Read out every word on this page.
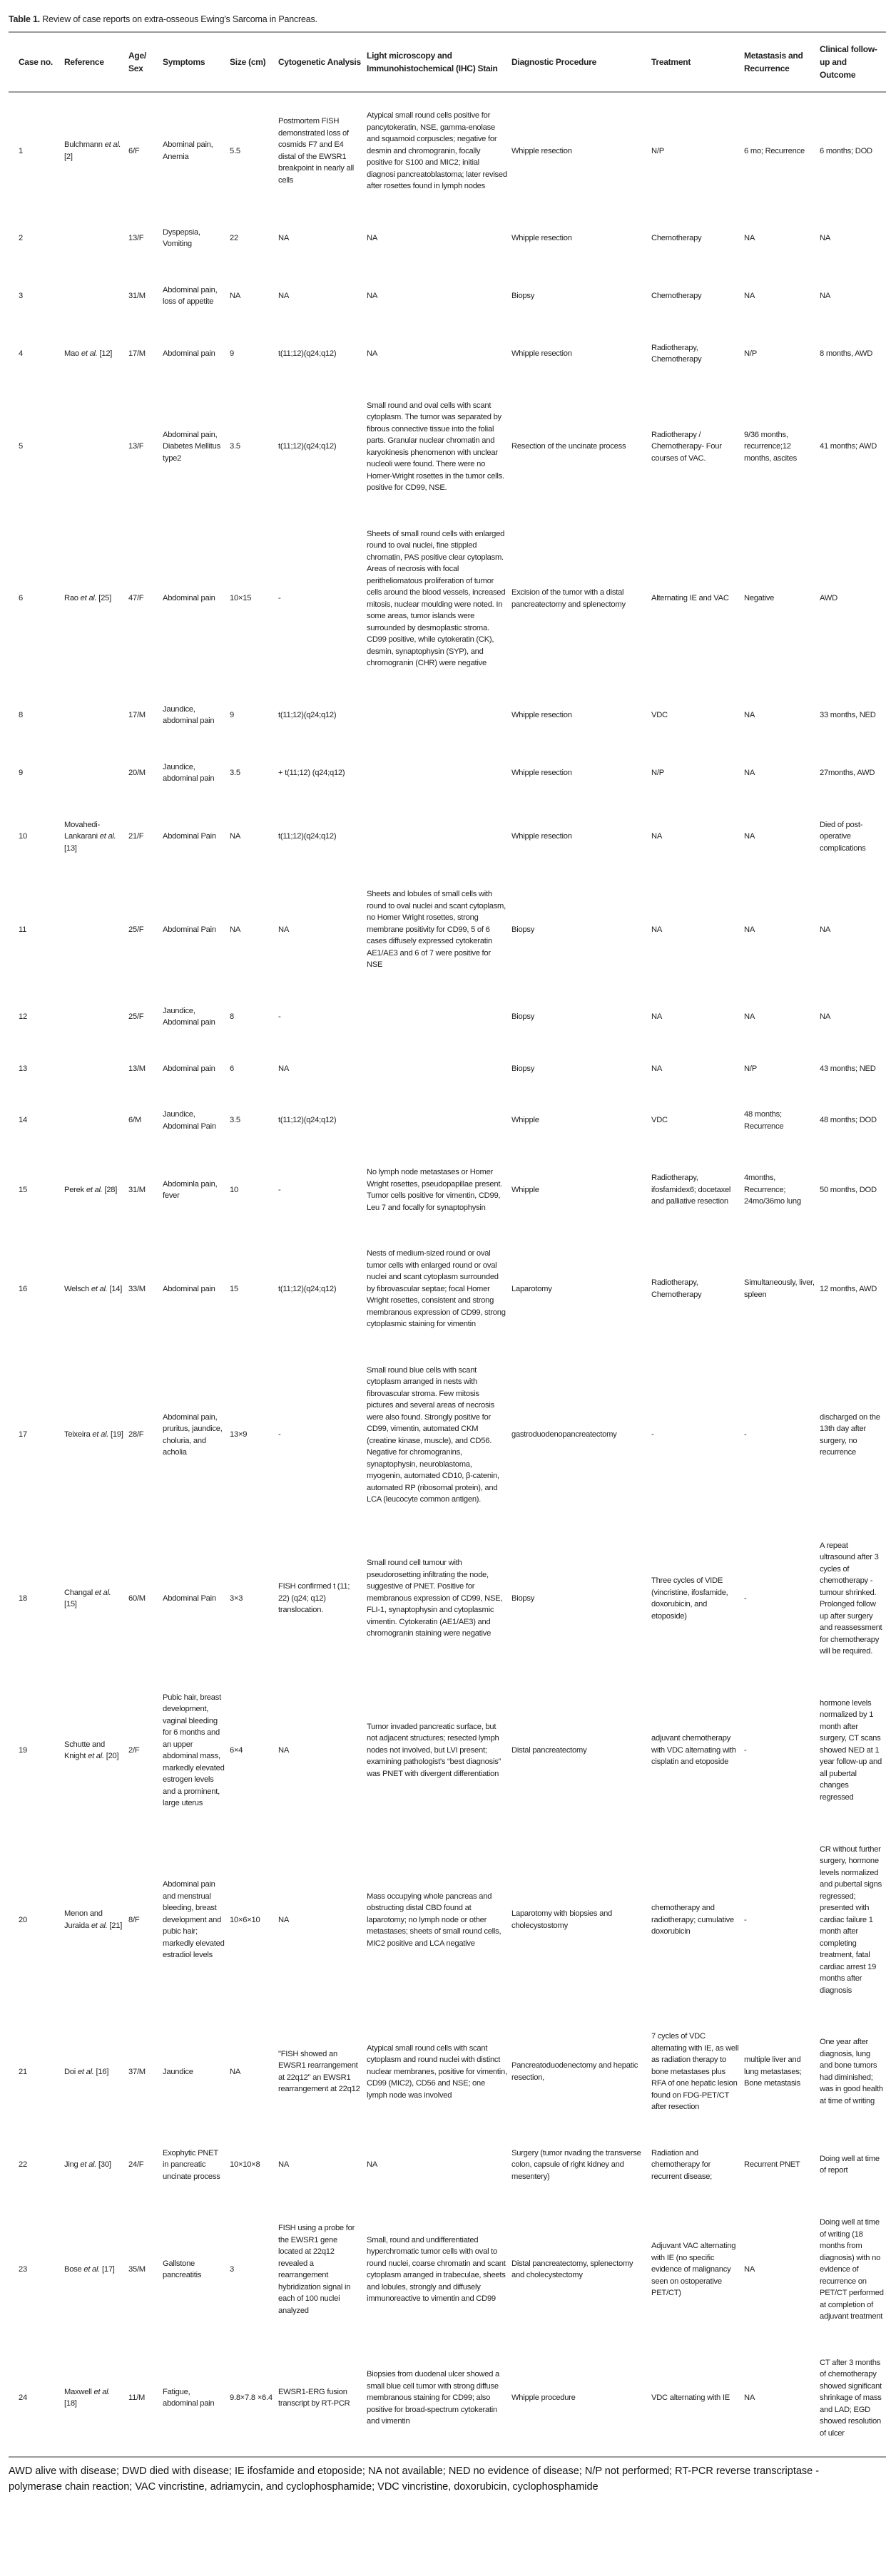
Table 1. Review of case reports on extra-osseous Ewing's Sarcoma in Pancreas.
Case no.	Reference	Age/ Sex	Symptoms	Size (cm)	Cytogenetic Analysis	Light microscopy and Immunohistochemical (IHC) Stain	Diagnostic Procedure	Treatment	Metastasis and Recurrence	Clinical follow-up and Outcome
1	Bulchmann et al. [2]	6/F	Abominal pain, Anemia	5.5	Postmortem FISH demonstrated loss of cosmids F7 and E4 distal of the EWSR1 breakpoint in nearly all cells	Atypical small round cells positive for pancytokeratin, NSE, gamma-enolase and squamoid corpuscles; negative for desmin and chromogranin, focally positive for S100 and MIC2; initial diagnosi pancreatoblastoma; later revised after rosettes found in lymph nodes	Whipple resection	N/P	6 mo; Recurrence	6 months; DOD
2		13/F	Dyspepsia, Vomiting	22	NA	NA	Whipple resection	Chemotherapy	NA	NA
3		31/M	Abdominal pain, loss of appetite	NA	NA	NA	Biopsy	Chemotherapy	NA	NA
4	Mao et al. [12]	17/M	Abdominal pain	9	t(11;12)(q24;q12)	NA	Whipple resection	Radiotherapy, Chemotherapy	N/P	8 months, AWD
5		13/F	Abdominal pain, Diabetes Mellitus type2	3.5	t(11;12)(q24;q12)	Small round and oval cells with scant cytoplasm. The tumor was separated by fibrous connective tissue into the folial parts. Granular nuclear chromatin and karyokinesis phenomenon with unclear nucleoli were found. There were no Homer-Wright rosettes in the tumor cells. positive for CD99, NSE.	Resection of the uncinate process	Radiotherapy / Chemotherapy- Four courses of VAC.	9/36 months, recurrence;12 months, ascites	41 months; AWD
6	Rao et al. [25]	47/F	Abdominal pain	10×15	-	Sheets of small round cells with enlarged round to oval nuclei, fine stippled chromatin, PAS positive clear cytoplasm. Areas of necrosis with focal peritheliomatous proliferation of tumor cells around the blood vessels, increased mitosis, nuclear moulding were noted. In some areas, tumor islands were surrounded by desmoplastic stroma. CD99 positive, while cytokeratin (CK), desmin, synaptophysin (SYP), and chromogranin (CHR) were negative	Excision of the tumor with a distal pancreatectomy and splenectomy	Alternating IE and VAC	Negative	AWD
8		17/M	Jaundice, abdominal pain	9	t(11;12)(q24;q12)		Whipple resection	VDC	NA	33 months, NED
9		20/M	Jaundice, abdominal pain	3.5	+ t(11;12) (q24;q12)		Whipple resection	N/P	NA	27months, AWD
10	Movahedi-Lankarani et al. [13]	21/F	Abdominal Pain	NA	t(11;12)(q24;q12)		Whipple resection	NA	NA	Died of post-operative complications
11		25/F	Abdominal Pain	NA	NA	Sheets and lobules of small cells with round to oval nuclei and scant cytoplasm, no Homer Wright rosettes, strong membrane positivity for CD99, 5 of 6 cases diffusely expressed cytokeratin AE1/AE3 and 6 of 7 were positive for NSE	Biopsy	NA	NA	NA
12		25/F	Jaundice, Abdominal pain	8	-		Biopsy	NA	NA	NA
13		13/M	Abdominal pain	6	NA		Biopsy	NA	N/P	43 months; NED
14		6/M	Jaundice, Abdominal Pain	3.5	t(11;12)(q24;q12)		Whipple	VDC	48 months; Recurrence	48 months; DOD
15	Perek et al. [28]	31/M	Abdominla pain, fever	10	-	No lymph node metastases or Homer Wright rosettes, pseudopapillae present. Tumor cells positive for vimentin, CD99, Leu 7 and focally for synaptophysin	Whipple	Radiotherapy, ifosfamidex6; docetaxel and palliative resection	4months, Recurrence; 24mo/36mo lung	50 months, DOD
16	Welsch et al. [14]	33/M	Abdominal pain	15	t(11;12)(q24;q12)	Nests of medium-sized round or oval tumor cells with enlarged round or oval nuclei and scant cytoplasm surrounded by fibrovascular septae; focal Homer Wright rosettes, consistent and strong membranous expression of CD99, strong cytoplasmic staining for vimentin	Laparotomy	Radiotherapy, Chemotherapy	Simultaneously, liver, spleen	12 months, AWD
17	Teixeira et al. [19]	28/F	Abdominal pain, pruritus, jaundice, choluria, and acholia	13×9	-	Small round blue cells with scant cytoplasm arranged in nests with fibrovascular stroma. Few mitosis pictures and several areas of necrosis were also found. Strongly positive for CD99, vimentin, automated CKM (creatine kinase, muscle), and CD56. Negative for chromogranins, synaptophysin, neuroblastoma, myogenin, automated CD10, β-catenin, automated RP (ribosomal protein), and LCA (leucocyte common antigen).	gastroduodenopancreatectomy	-	-	discharged on the 13th day after surgery, no recurrence
18	Changal et al. [15]	60/M	Abdominal Pain	3×3	FISH confirmed t (11; 22) (q24; q12) translocation.	Small round cell tumour with pseudorosetting infiltrating the node, suggestive of PNET. Positive for membranous expression of CD99, NSE, FLI-1, synaptophysin and cytoplasmic vimentin. Cytokeratin (AE1/AE3) and chromogranin staining were negative	Biopsy	Three cycles of VIDE (vincristine, ifosfamide, doxorubicin, and etoposide)	-	A repeat ultrasound after 3 cycles of chemotherapy - tumour shrinked. Prolonged follow up after surgery and reassessment for chemotherapy will be required.
19	Schutte and Knight et al. [20]	2/F	Pubic hair, breast development, vaginal bleeding for 6 months and an upper abdominal mass, markedly elevated estrogen levels and a prominent, large uterus	6×4	NA	Tumor invaded pancreatic surface, but not adjacent structures; resected lymph nodes not involved, but LVI present; examining pathologist's “best diagnosis” was PNET with divergent differentiation	Distal pancreatectomy	adjuvant chemotherapy with VDC alternating with cisplatin and etoposide	-	hormone levels normalized by 1 month after surgery, CT scans showed NED at 1 year follow-up and all pubertal changes regressed
20	Menon and Juraida et al. [21]	8/F	Abdominal pain and menstrual bleeding, breast development and pubic hair; markedly elevated estradiol levels	10×6×10	NA	Mass occupying whole pancreas and obstructing distal CBD found at laparotomy; no lymph node or other metastases; sheets of small round cells, MIC2 positive and LCA negative	Laparotomy with biopsies and cholecystostomy	chemotherapy and radiotherapy; cumulative doxorubicin	-	CR without further surgery, hormone levels normalized and pubertal signs regressed; presented with cardiac failure 1 month after completing treatment, fatal cardiac arrest 19 months after diagnosis
21	Doi et al. [16]	37/M	Jaundice	NA	"FISH showed an EWSR1 rearrangement at 22q12" an EWSR1 rearrangement at 22q12	Atypical small round cells with scant cytoplasm and round nuclei with distinct nuclear membranes, positive for vimentin, CD99 (MIC2), CD56 and NSE; one lymph node was involved	Pancreatoduodenectomy and hepatic resection,	7 cycles of VDC alternating with IE, as well as radiation therapy to bone metastases plus RFA of one hepatic lesion found on FDG-PET/CT after resection	multiple liver and lung metastases; Bone metastasis	One year after diagnosis, lung and bone tumors had diminished; was in good health at time of writing
22	Jing et al. [30]	24/F	Exophytic PNET in pancreatic uncinate process	10×10×8	NA	NA	Surgery (tumor nvading the transverse colon, capsule of right kidney and mesentery)	Radiation and chemotherapy for recurrent disease;	Recurrent PNET	Doing well at time of report
23	Bose et al. [17]	35/M	Gallstone pancreatitis	3	FISH using a probe for the EWSR1 gene located at 22q12 revealed a rearrangement hybridization signal in each of 100 nuclei analyzed	Small, round and undifferentiated hyperchromatic tumor cells with oval to round nuclei, coarse chromatin and scant cytoplasm arranged in trabeculae, sheets and lobules, strongly and diffusely immunoreactive to vimentin and CD99	Distal pancreatectomy, splenectomy and cholecystectomy	Adjuvant VAC alternating with IE (no specific evidence of malignancy seen on ostoperative PET/CT)	NA	Doing well at time of writing (18 months from diagnosis) with no evidence of recurrence on PET/CT performed at completion of adjuvant treatment
24	Maxwell et al. [18]	11/M	Fatigue, abdominal pain	9.8×7.8 ×6.4	EWSR1-ERG fusion transcript by RT-PCR	Biopsies from duodenal ulcer showed a small blue cell tumor with strong diffuse membranous staining for CD99; also positive for broad-spectrum cytokeratin and vimentin	Whipple procedure	VDC alternating with IE	NA	CT after 3 months of chemotherapy showed significant shrinkage of mass and LAD; EGD showed resolution of ulcer
AWD alive with disease; DWD died with disease; IE ifosfamide and etoposide; NA not available; NED no evidence of disease; N/P not performed; RT-PCR reverse transcriptase - polymerase chain reaction; VAC vincristine, adriamycin, and cyclophosphamide; VDC vincristine, doxorubicin, cyclophosphamide
